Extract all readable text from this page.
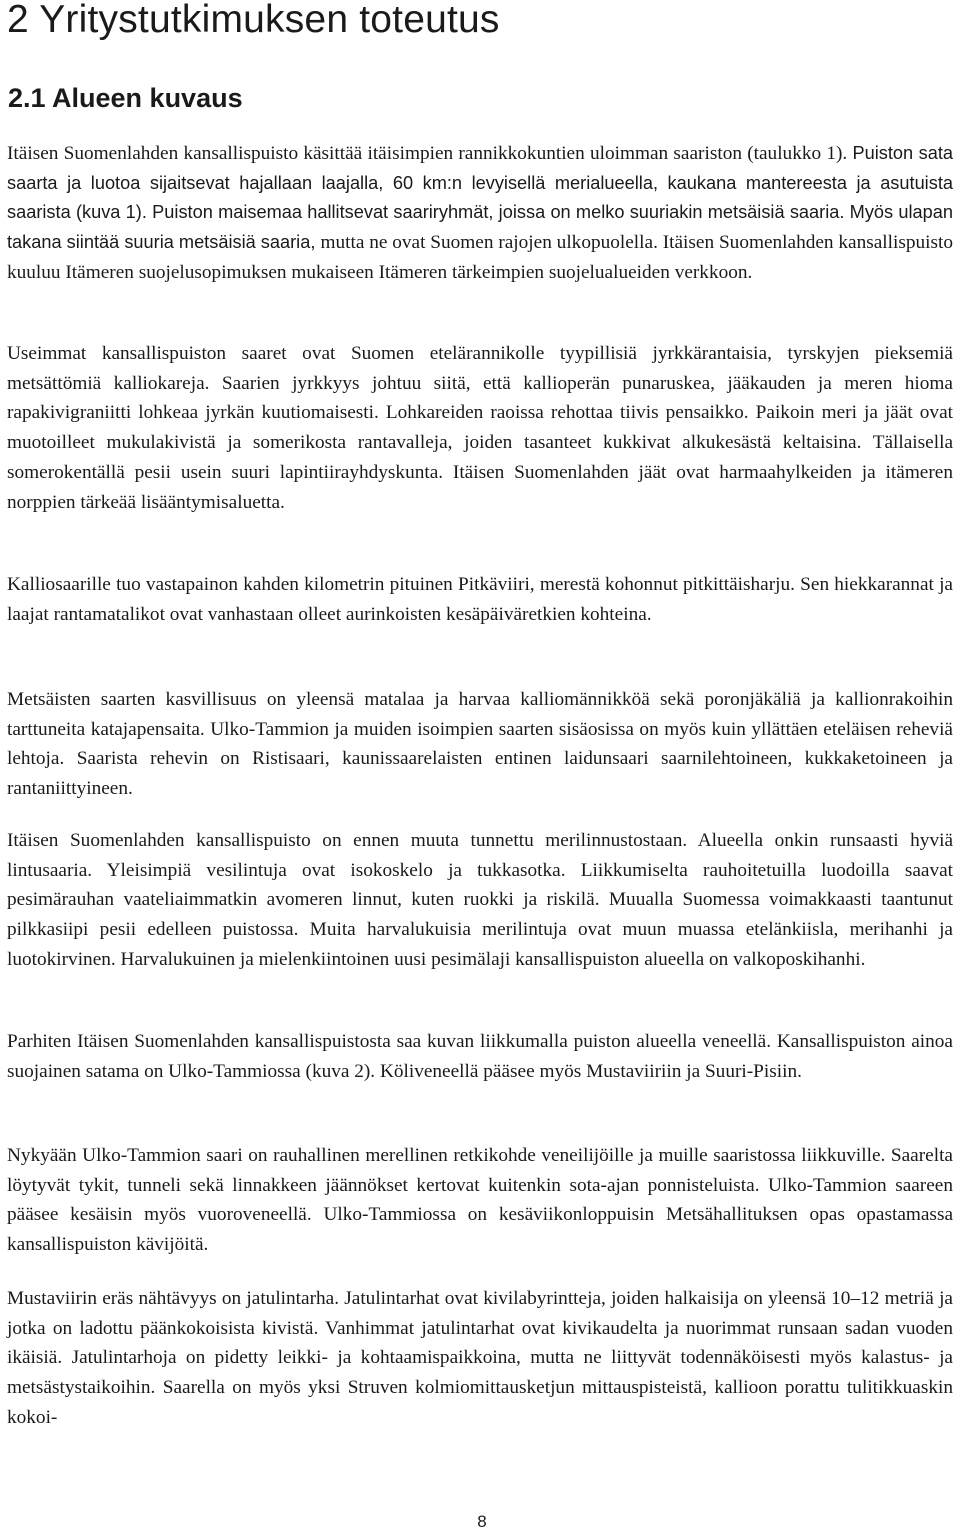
2 Yritystutkimuksen toteutus
2.1 Alueen kuvaus

Itäisen Suomenlahden kansallispuisto käsittää itäisimpien rannikkokuntien uloimman saariston (taulukko 1). Puiston sata saarta ja luotoa sijaitsevat hajallaan laajalla, 60 km:n levyisellä merialueella, kaukana mantereesta ja asutuista saarista (kuva 1). Puiston maisemaa hallitsevat saariryhmät, joissa on melko suuriakin metsäisiä saaria. Myös ulapan takana siintää suuria metsäisiä saaria, mutta ne ovat Suomen rajojen ulkopuolella. Itäisen Suomenlahden kansallispuisto kuuluu Itämeren suojelusopimuksen mukaiseen Itämeren tärkeimpien suojelualueiden verkkoon.

Useimmat kansallispuiston saaret ovat Suomen etelärannikolle tyypillisiä jyrkkärantaisia, tyrskyjen pieksemiä metsättömiä kalliokareja. Saarien jyrkkyys johtuu siitä, että kallioperän punaruskea, jääkauden ja meren hioma rapakivigraniitti lohkeaa jyrkän kuutiomaisesti. Lohkareiden raoissa rehottaa tiivis pensaikko. Paikoin meri ja jäät ovat muotoilleet mukulakivistä ja somerikosta rantavalleja, joiden tasanteet kukkivat alkukesästä keltaisina. Tällaisella somerokentällä pesii usein suuri lapintiirayhdyskunta. Itäisen Suomenlahden jäät ovat harmaahylkeiden ja itämeren norppien tärkeää lisääntymisaluetta.

Kalliosaarille tuo vastapainon kahden kilometrin pituinen Pitkäviiri, merestä kohonnut pitkittäisharju. Sen hiekkarannat ja laajat rantamatalikot ovat vanhastaan olleet aurinkoisten kesäpäiväretkien kohteina.

Metsäisten saarten kasvillisuus on yleensä matalaa ja harvaa kalliomännikköä sekä poronjäkäliä ja kallionrakoihin tarttuneita katajapensaita. Ulko-Tammion ja muiden isoimpien saarten sisäosissa on myös kuin yllättäen eteläisen reheviä lehtoja. Saarista rehevin on Ristisaari, kaunissaarelaisten entinen laidunsaari saarnilehtoineen, kukkaketoineen ja rantaniittyineen.

Itäisen Suomenlahden kansallispuisto on ennen muuta tunnettu merilinnustostaan. Alueella onkin runsaasti hyviä lintusaaria. Yleisimpiä vesilintuja ovat isokoskelo ja tukkasotka. Liikkumiselta rauhoitetuilla luodoilla saavat pesimärauhan vaateliaimmatkin avomeren linnut, kuten ruokki ja riskilä. Muualla Suomessa voimakkaasti taantunut pilkkasiipi pesii edelleen puistossa. Muita harvalukuisia merilintuja ovat muun muassa etelänkiisla, merihanhi ja luotokirvinen. Harvalukuinen ja mielenkiintoinen uusi pesimälaji kansallispuiston alueella on valkoposkihanhi.

Parhiten Itäisen Suomenlahden kansallispuistosta saa kuvan liikkumalla puiston alueella veneellä. Kansallispuiston ainoa suojainen satama on Ulko-Tammiossa (kuva 2). Köliveneellä pääsee myös Mustaviiriin ja Suuri-Pisiin.

Nykyään Ulko-Tammion saari on rauhallinen merellinen retkikohde veneilijöille ja muille saaristossa liikkuville. Saarelta löytyvät tykit, tunneli sekä linnakkeen jäännökset kertovat kuitenkin sota-ajan ponnisteluista. Ulko-Tammion saareen pääsee kesäisin myös vuoroveneellä. Ulko-Tammiossa on kesäviikonloppuisin Metsähallituksen opas opastamassa kansallispuiston kävijöitä.

Mustaviirin eräs nähtävyys on jatulintarha. Jatulintarhat ovat kivilabyrintteja, joiden halkaisija on yleensä 10–12 metriä ja jotka on ladottu päänkokoisista kivistä. Vanhimmat jatulintarhat ovat kivikaudelta ja nuorimmat runsaan sadan vuoden ikäisiä. Jatulintarhoja on pidetty leikki- ja kohtaamispaikkoina, mutta ne liittyvät todennäköisesti myös kalastus- ja metsästystaikoihin. Saarella on myös yksi Struven kolmiomittausketjun mittauspisteistä, kallioon porattu tulitikkuaskin kokoi-

8
